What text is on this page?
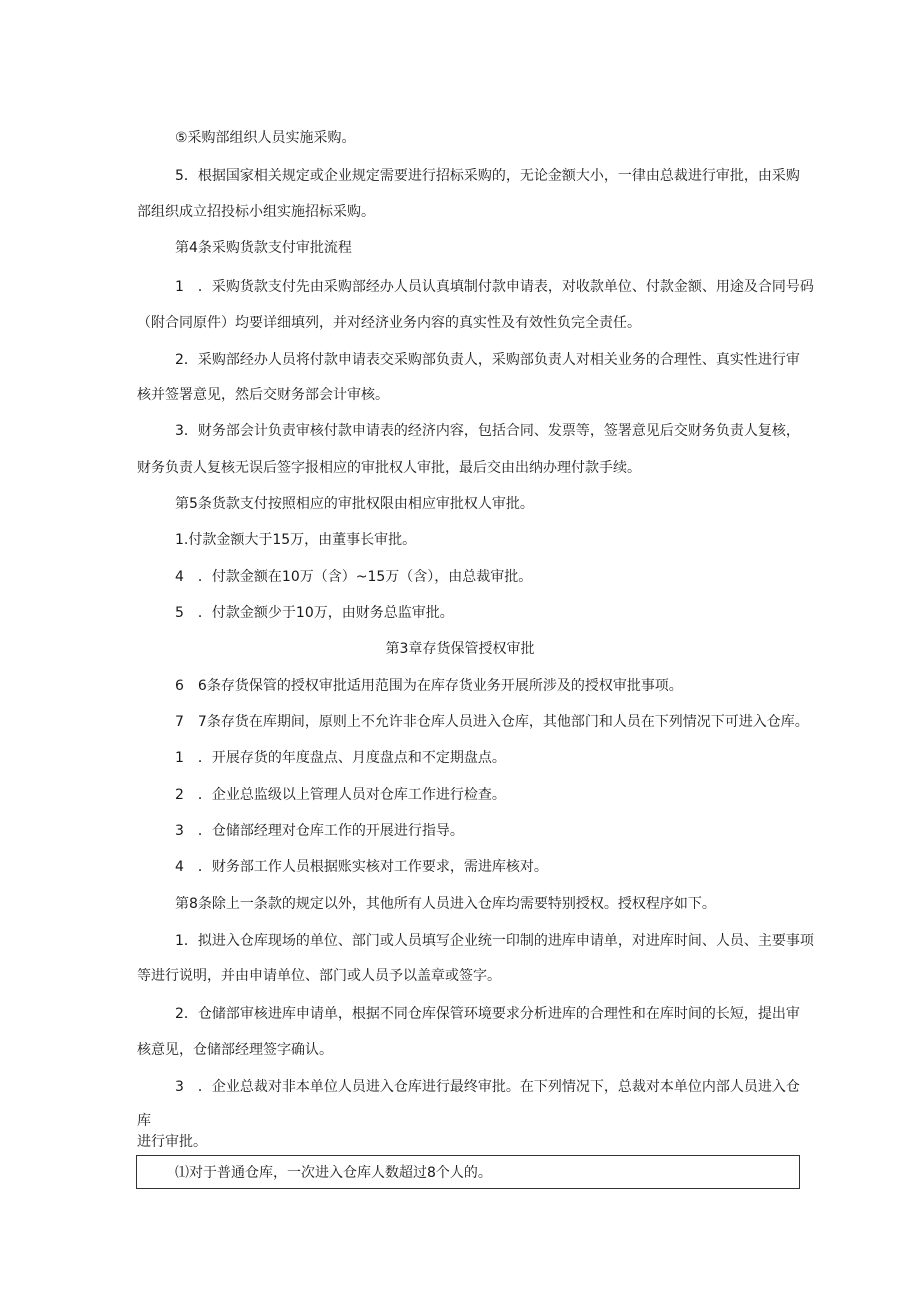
⑤采购部组织人员实施采购。
5．根据国家相关规定或企业规定需要进行招标采购的，无论金额大小，一律由总裁进行审批，由采购
部组织成立招投标小组实施招标采购。
第4条采购货款支付审批流程
1　．采购货款支付先由采购部经办人员认真填制付款申请表，对收款单位、付款金额、用途及合同号码
（附合同原件）均要详细填列，并对经济业务内容的真实性及有效性负完全责任。
2．采购部经办人员将付款申请表交采购部负责人，采购部负责人对相关业务的合理性、真实性进行审
核并签署意见，然后交财务部会计审核。
3．财务部会计负责审核付款申请表的经济内容，包括合同、发票等，签署意见后交财务负责人复核，
财务负责人复核无误后签字报相应的审批权人审批，最后交由出纳办理付款手续。
第5条货款支付按照相应的审批权限由相应审批权人审批。
1.付款金额大于15万，由董事长审批。
4　．付款金额在10万（含）~15万（含），由总裁审批。
5　．付款金额少于10万，由财务总监审批。
第3章存货保管授权审批
6　6条存货保管的授权审批适用范围为在库存货业务开展所涉及的授权审批事项。
7　7条存货在库期间，原则上不允许非仓库人员进入仓库，其他部门和人员在下列情况下可进入仓库。
1　．开展存货的年度盘点、月度盘点和不定期盘点。
2　．企业总监级以上管理人员对仓库工作进行检查。
3　．仓储部经理对仓库工作的开展进行指导。
4　．财务部工作人员根据账实核对工作要求，需进库核对。
第8条除上一条款的规定以外，其他所有人员进入仓库均需要特别授权。授权程序如下。
1．拟进入仓库现场的单位、部门或人员填写企业统一印制的进库申请单，对进库时间、人员、主要事项
等进行说明，并由申请单位、部门或人员予以盖章或签字。
2．仓储部审核进库申请单，根据不同仓库保管环境要求分析进库的合理性和在库时间的长短，提出审
核意见，仓储部经理签字确认。
3　．企业总裁对非本单位人员进入仓库进行最终审批。在下列情况下，总裁对本单位内部人员进入仓
库
进行审批。
⑴对于普通仓库，一次进入仓库人数超过8个人的。
